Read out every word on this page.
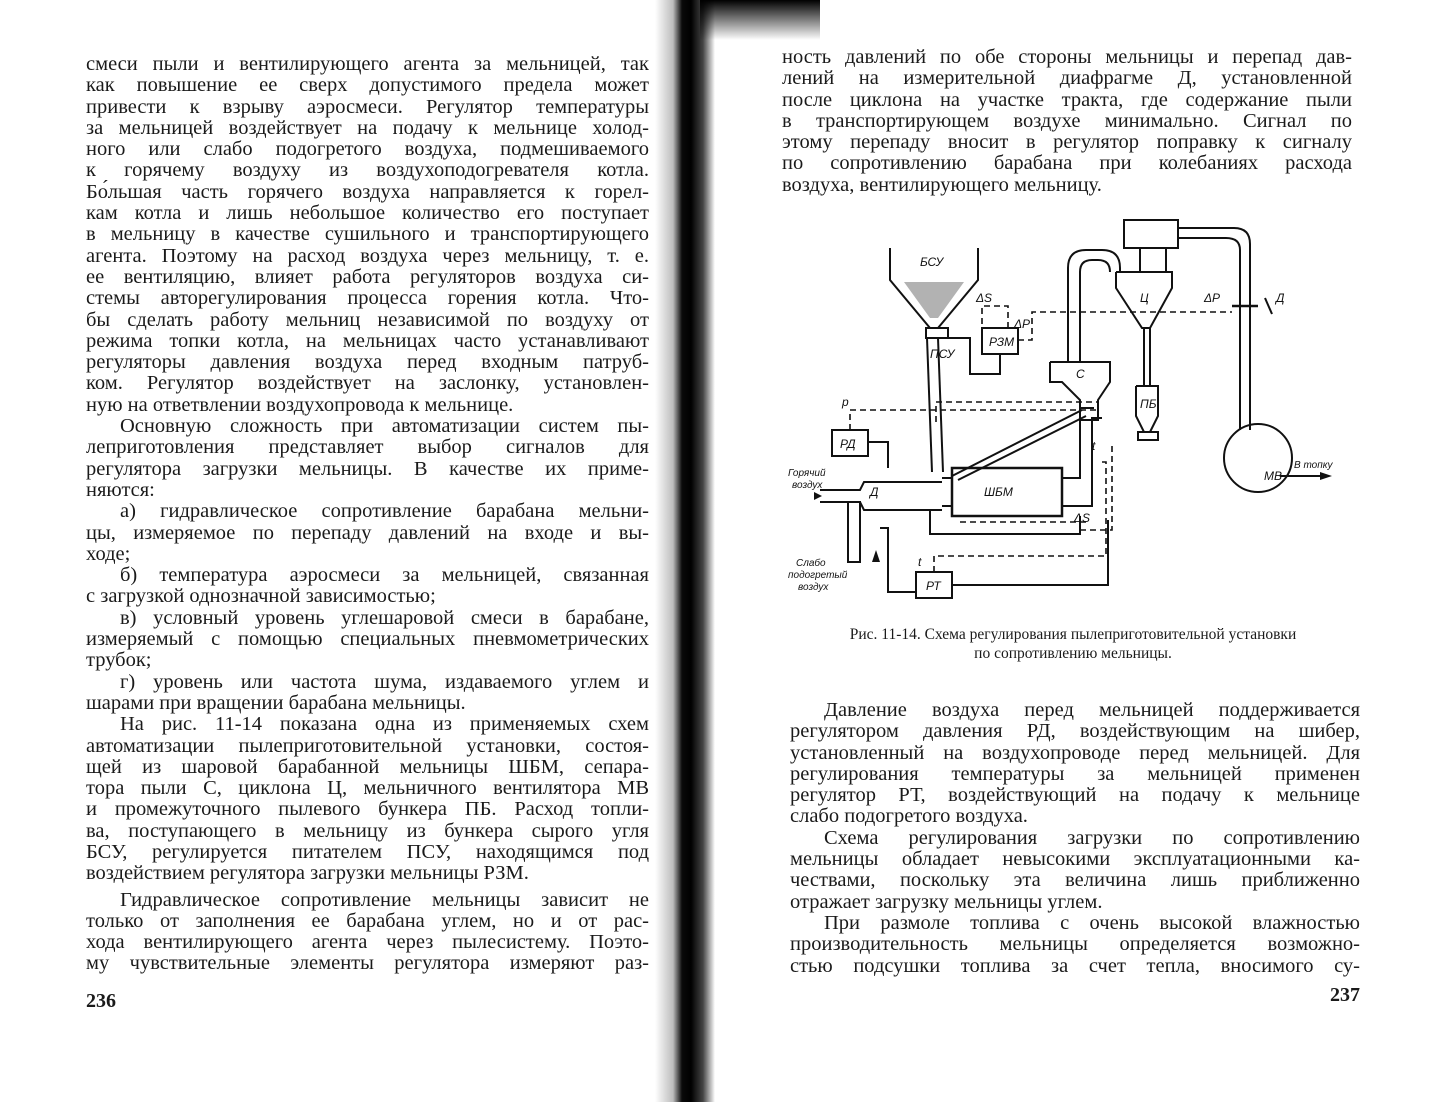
смеси пыли и вентилирующего агента за мельницей, так

как повышение ее сверх допустимого предела может

привести к взрыву аэросмеси. Регулятор температуры

за мельницей воздействует на подачу к мельнице холод-

ного или слабо подогретого воздуха, подмешиваемого

к горячему воздуху из воздухоподогревателя котла.

Бо́льшая часть горячего воздуха направляется к горел-

кам котла и лишь небольшое количество его поступает

в мельницу в качестве сушильного и транспортирующего

агента. Поэтому на расход воздуха через мельницу, т. е.

ее вентиляцию, влияет работа регуляторов воздуха си-

стемы авторегулирования процесса горения котла. Что-

бы сделать работу мельниц независимой по воздуху от

режима топки котла, на мельницах часто устанавливают

регуляторы давления воздуха перед входным патруб-

ком. Регулятор воздействует на заслонку, установлен-

ную на ответвлении воздухопровода к мельнице.

Основную сложность при автоматизации систем пы-

леприготовления представляет выбор сигналов для

регулятора загрузки мельницы. В качестве их приме-

няются:

а) гидравлическое сопротивление барабана мельни-

цы, измеряемое по перепаду давлений на входе и вы-

ходе;

б) температура аэросмеси за мельницей, связанная

с загрузкой однозначной зависимостью;

в) условный уровень углешаровой смеси в барабане,

измеряемый с помощью специальных пневмометрических

трубок;

г) уровень или частота шума, издаваемого углем и

шарами при вращении барабана мельницы.

На рис. 11-14 показана одна из применяемых схем

автоматизации пылеприготовительной установки, состоя-

щей из шаровой барабанной мельницы ШБМ, сепара-

тора пыли С, циклона Ц, мельничного вентилятора МВ

и промежуточного пылевого бункера ПБ. Расход топли-

ва, поступающего в мельницу из бункера сырого угля

БСУ, регулируется питателем ПСУ, находящимся под

воздействием регулятора загрузки мельницы РЗМ.

Гидравлическое сопротивление мельницы зависит не

только от заполнения ее барабана углем, но и от рас-

хода вентилирующего агента через пылесистему. Поэто-

му чувствительные элементы регулятора измеряют раз-

236

ность давлений по обе стороны мельницы и перепад дав-

лений на измерительной диафрагме Д, установленной

после циклона на участке тракта, где содержание пыли

в транспортирующем воздухе минимально. Сигнал по

этому перепаду вносит в регулятор поправку к сигналу

по сопротивлению барабана при колебаниях расхода

воздуха, вентилирующего мельницу.

БСУ
ПСУ
РЗМ
ΔS
ΔР
Ц	ΔР	Д
С
ПБ
РД
р
t
ШБМ
Горячий
воздух	Д
МВ
В топку
ΔS
t
РТ
Слабо
подогретый
воздух
Рис. 11-14. Схема регулирования пылеприготовительной установки
по сопротивлению мельницы.

Давление воздуха перед мельницей поддерживается

регулятором давления РД, воздействующим на шибер,

установленный на воздухопроводе перед мельницей. Для

регулирования температуры за мельницей применен

регулятор РТ, воздействующий на подачу к мельнице

слабо подогретого воздуха.

Схема регулирования загрузки по сопротивлению

мельницы обладает невысокими эксплуатационными ка-

чествами, поскольку эта величина лишь приближенно

отражает загрузку мельницы углем.

При размоле топлива с очень высокой влажностью

производительность мельницы определяется возможно-

стью подсушки топлива за счет тепла, вносимого су-

237
